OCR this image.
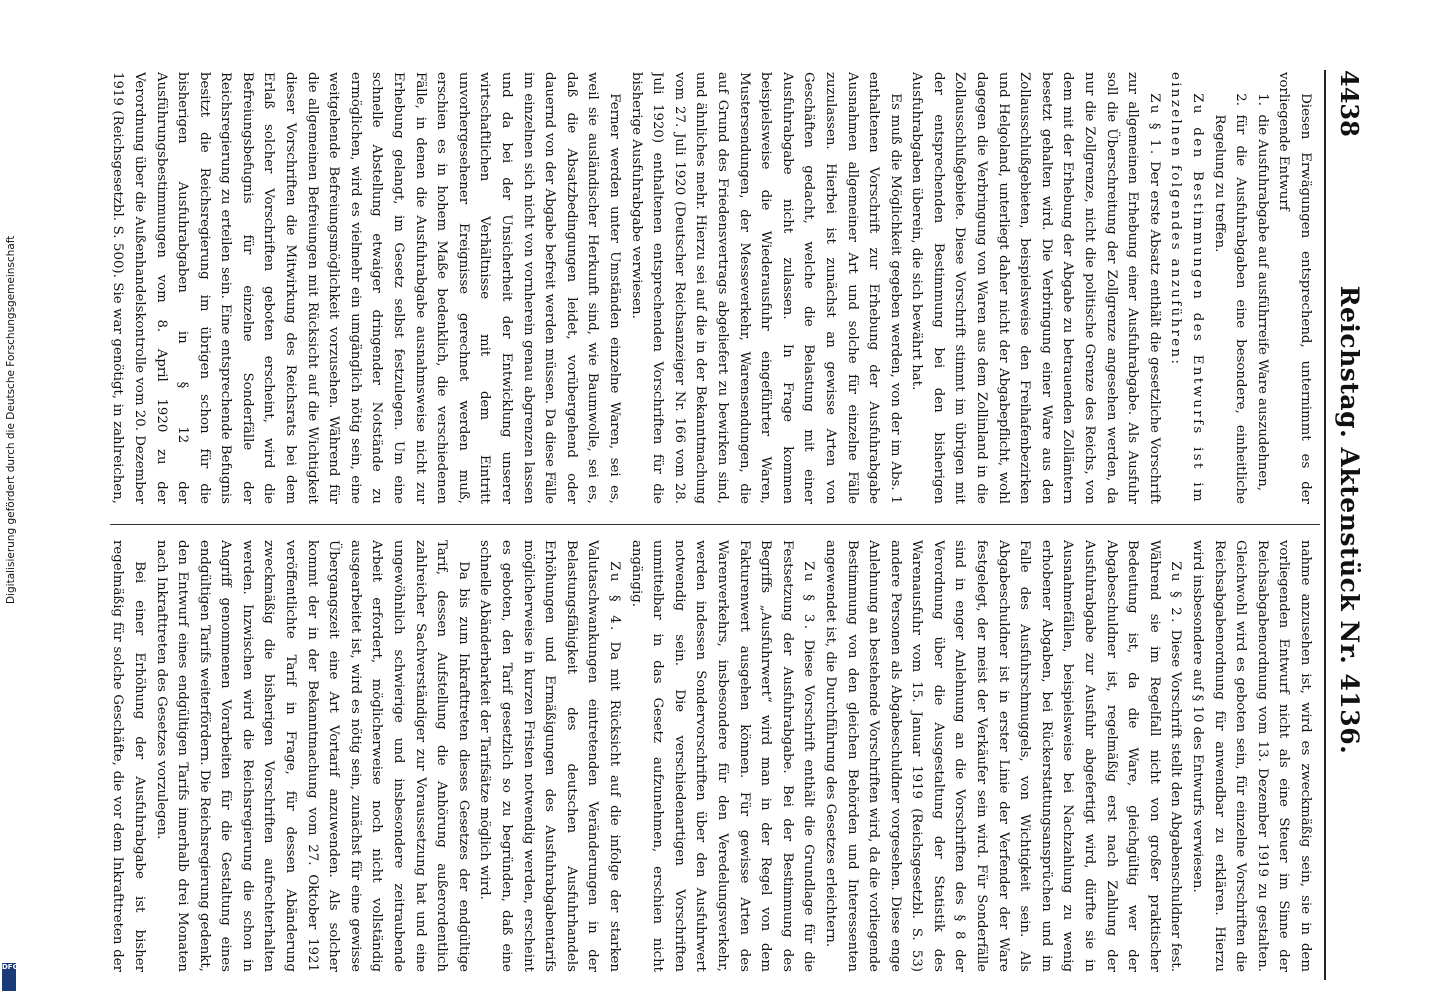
4438
Reichstag. Aktenstück Nr. 4136.

Diesen Erwägungen entsprechend, unternimmt es der vorliegende Entwurf

1.
die Ausfuhrabgabe auf ausführreife Ware auszudehnen,

2.
für die Ausfuhrabgaben eine besondere, einheitliche Regelung zu treffen.

Zu den Bestimmungen des Entwurfs ist im einzelnen folgendes anzuführen:

Zu § 1. Der erste Absatz enthält die gesetzliche Vorschrift zur allgemeinen Erhebung einer Ausfuhrabgabe. Als Ausfuhr soll die Überschreitung der Zollgrenze angesehen werden, da nur die Zollgrenze, nicht die politische Grenze des Reichs, von dem mit der Erhebung der Abgabe zu betrauenden Zollämtern besetzt gehalten wird. Die Verbringung einer Ware aus den Zollausschlußgebieten, beispielsweise den Freihafenbezirken und Helgoland, unterliegt daher nicht der Abgabepflicht, wohl dagegen die Verbringung von Waren aus dem Zollinland in die Zollausschlußgebiete. Diese Vorschrift stimmt im übrigen mit der entsprechenden Bestimmung bei den bisherigen Ausfuhrabgaben überein, die sich bewährt hat.

Es muß die Möglichkeit gegeben werden, von der im Abs. 1 enthaltenen Vorschrift zur Erhebung der Ausfuhrabgabe Ausnahmen allgemeiner Art und solche für einzelne Fälle zuzulassen. Hierbei ist zunächst an gewisse Arten von Geschäften gedacht, welche die Belastung mit einer Ausfuhrabgabe nicht zulassen. In Frage kommen beispielsweise die Wiederausfuhr eingeführter Waren, Mustersendungen, der Messeverkehr, Warensendungen, die auf Grund des Friedensvertrags abgeliefert zu bewirken sind, und ähnliches mehr. Hierzu sei auf die in der Bekanntmachung vom 27. Juli 1920 (Deutscher Reichsanzeiger Nr. 166 vom 28. Juli 1920) enthaltenen entsprechenden Vorschriften für die bisherige Ausfuhrabgabe verwiesen.

Ferner werden unter Umständen einzelne Waren, sei es, weil sie ausländischer Herkunft sind, wie Baumwolle, sei es, daß die Absatzbedingungen leidet, vorübergehend oder dauernd von der Abgabe befreit werden müssen. Da diese Fälle im einzelnen sich nicht von vornherein genau abgrenzen lassen und da bei der Unsicherheit der Entwicklung unserer wirtschaftlichen Verhältnisse mit dem Eintritt unvorhergesehener Ereignisse gerechnet werden muß, erschien es in hohem Maße bedenklich, die verschiedenen Fälle, in denen die Ausfuhrabgabe ausnahmsweise nicht zur Erhebung gelangt, im Gesetz selbst festzulegen. Um eine schnelle Abstellung etwaiger dringender Notstände zu ermöglichen, wird es vielmehr ein umgänglich nötig sein, eine weitgehende Befreiungsmöglichkeit vorzusehen. Während für die allgemeinen Befreiungen mit Rücksicht auf die Wichtigkeit dieser Vorschriften die Mitwirkung des Reichsrats bei dem Erlaß solcher Vorschriften geboten erscheint, wird die Befreiungsbefugnis für einzelne Sonderfälle der Reichsregierung zu erteilen sein. Eine entsprechende Befugnis besitzt die Reichsregierung im übrigen schon für die bisherigen Ausfuhrabgaben in § 12 der Ausführungsbestimmungen vom 8. April 1920 zu der Verordnung über die Außenhandelskontrolle vom 20. Dezember 1919 (Reichsgesetzbl. S. 500). Sie war genötigt, in zahlreichen,

nahme anzusehen ist, wird es zweckmäßig sein, sie in dem vorliegenden Entwurf nicht als eine Steuer im Sinne der Reichsabgabenordnung vom 13. Dezember 1919 zu gestalten. Gleichwohl wird es geboten sein, für einzelne Vorschriften die Reichsabgabenordnung für anwendbar zu erklären. Hierzu wird insbesondere auf § 10 des Entwurfs verwiesen.

Zu § 2. Diese Vorschrift stellt den Abgabenschuldner fest. Während sie im Regelfall nicht von großer praktischer Bedeutung ist, da die Ware, gleichgültig wer der Abgabeschuldner ist, regelmäßig erst nach Zahlung der Ausfuhrabgabe zur Ausfuhr abgefertigt wird, dürfte sie in Ausnahmefällen, beispielsweise bei Nachzahlung zu wenig erhobener Abgaben, bei Rückerstattungsansprüchen und im Falle des Ausfuhrschmuggels, von Wichtigkeit sein. Als Abgabeschuldner ist in erster Linie der Verfender der Ware festgelegt, der meist der Verkäufer sein wird. Für Sonderfälle sind in enger Anlehnung an die Vorschriften des § 8 der Verordnung über die Ausgestaltung der Statistik des Warenausfuhr vom 15. Januar 1919 (Reichsgesetzbl. S. 53) andere Personen als Abgabeschuldner vorgesehen. Diese enge Anlehnung an bestehende Vorschriften wird, da die vorliegende Bestimmung von den gleichen Behörden und Interessenten angewendet ist, die Durchführung des Gesetzes erleichtern.

Zu § 3. Diese Vorschrift enthält die Grundlage für die Festsetzung der Ausfuhrabgabe. Bei der Bestimmung des Begriffs „Ausfuhrwert“ wird man in der Regel von dem Fakturenwert ausgehen können. Für gewisse Arten des Warenverkehrs, insbesondere für den Veredelungsverkehr, werden indessen Sondervorschriften über den Ausfuhrwert notwendig sein. Die verschiedenartigen Vorschriften unmittelbar in das Gesetz aufzunehmen, erschien nicht angängig.

Zu § 4. Da mit Rücksicht auf die infolge der starken Valutaschwankungen eintretenden Veränderungen in der Belastungsfähigkeit des deutschen Ausfuhrhandels Erhöhungen und Ermäßigungen des Ausfuhrabgabentarifs möglicherweise in kurzen Fristen notwendig werden, erscheint es geboten, den Tarif gesetzlich so zu begründen, daß eine schnelle Abänderbarkeit der Tarifsätze möglich wird.

Da bis zum Inkrafttreten dieses Gesetzes der endgültige Tarif, dessen Aufstellung die Anhörung außerordentlich zahlreicher Sachverständiger zur Voraussetzung hat und eine ungewöhnlich schwierige und insbesondere zeitraubende Arbeit erfordert, möglicherweise noch nicht vollständig ausgearbeitet ist, wird es nötig sein, zunächst für eine gewisse Übergangszeit eine Art Vortarif anzuwenden. Als solcher kommt der in der Bekanntmachung vom 27. Oktober 1921 veröffentlichte Tarif in Frage, für dessen Abänderung zweckmäßig die bisherigen Vorschriften aufrechterhalten werden. Inzwischen wird die Reichsregierung die schon in Angriff genommenen Vorarbeiten für die Gestaltung eines endgültigen Tarifs weiterfördern. Die Reichsregierung gedenkt, den Entwurf eines endgültigen Tarifs innerhalb drei Monaten nach Inkrafttreten des Gesetzes vorzulegen.

Bei einer Erhöhung der Ausfuhrabgabe ist bisher regelmäßig für solche Geschäfte, die vor dem Inkrafttreten der

Digitalisierung gefördert durch die Deutsche Forschungsgemeinschaft
DFG
